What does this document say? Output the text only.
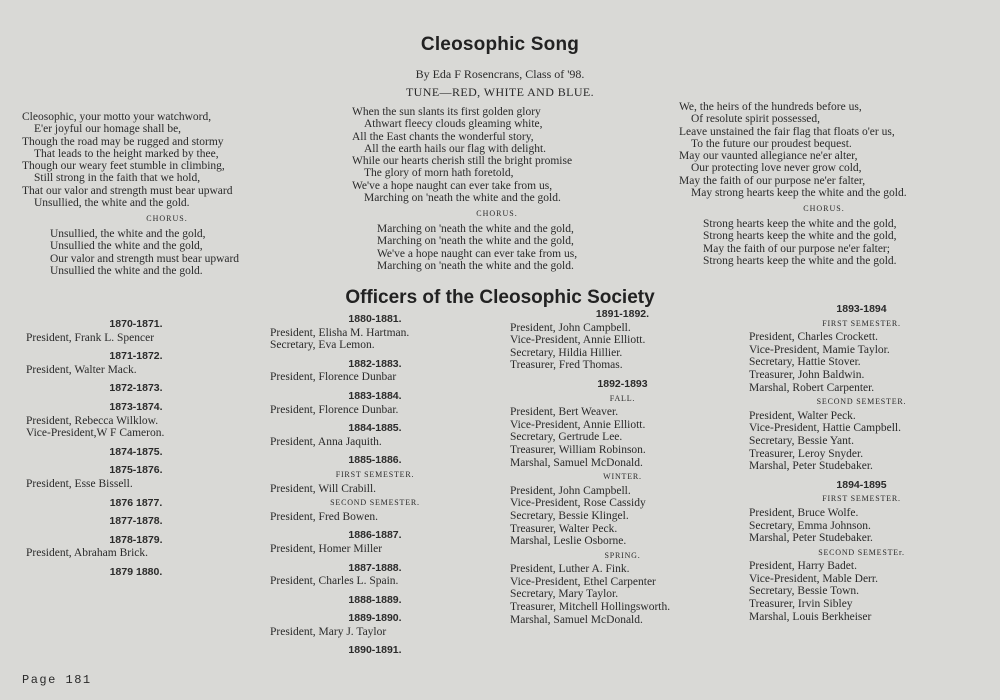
Cleosophic Song
By Eda F Rosencrans, Class of '98.
TUNE—RED, WHITE AND BLUE.
Cleosophic, your motto your watchword,
E'er joyful our homage shall be,
Though the road may be rugged and stormy
That leads to the height marked by thee,
Though our weary feet stumble in climbing,
Still strong in the faith that we hold,
That our valor and strength must bear upward
Unsullied, the white and the gold.
CHORUS.
Unsullied, the white and the gold,
Unsullied the white and the gold,
Our valor and strength must bear upward
Unsullied the white and the gold.
When the sun slants its first golden glory
Athwart fleecy clouds gleaming white,
All the East chants the wonderful story,
All the earth hails our flag with delight.
While our hearts cherish still the bright promise
The glory of morn hath foretold,
We've a hope naught can ever take from us,
Marching on 'neath the white and the gold.
CHORUS.
Marching on 'neath the white and the gold,
Marching on 'neath the white and the gold,
We've a hope naught can ever take from us,
Marching on 'neath the white and the gold.
We, the heirs of the hundreds before us,
Of resolute spirit possessed,
Leave unstained the fair flag that floats o'er us,
To the future our proudest bequest.
May our vaunted allegiance ne'er alter,
Our protecting love never grow cold,
May the faith of our purpose ne'er falter,
May strong hearts keep the white and the gold.
CHORUS.
Strong hearts keep the white and the gold,
Strong hearts keep the white and the gold,
May the faith of our purpose ne'er falter;
Strong hearts keep the white and the gold.
Officers of the Cleosophic Society
1870-1871.
President, Frank L. Spencer
1871-1872.
President, Walter Mack.
1872-1873.
1873-1874.
President, Rebecca Wilklow.
Vice-President,W F Cameron.
1874-1875.
1875-1876.
President, Esse Bissell.
1876 1877.
1877-1878.
1878-1879.
President, Abraham Brick.
1879 1880.
1880-1881.
President, Elisha M. Hartman.
Secretary, Eva Lemon.
1882-1883.
President, Florence Dunbar
1883-1884.
President, Florence Dunbar.
1884-1885.
President, Anna Jaquith.
1885-1886.
FIRST SEMESTER.
President, Will Crabill.
SECOND SEMESTER.
President, Fred Bowen.
1886-1887.
President, Homer Miller
1887-1888.
President, Charles L. Spain.
1888-1889.
1889-1890.
President, Mary J. Taylor
1890-1891.
1891-1892.
President, John Campbell.
Vice-President, Annie Elliott.
Secretary, Hildia Hillier.
Treasurer, Fred Thomas.
1892-1893
FALL.
President, Bert Weaver.
Vice-President, Annie Elliott.
Secretary, Gertrude Lee.
Treasurer, William Robinson.
Marshal, Samuel McDonald.
WINTER.
President, John Campbell.
Vice-President, Rose Cassidy
Secretary, Bessie Klingel.
Treasurer, Walter Peck.
Marshal, Leslie Osborne.
SPRING.
President, Luther A. Fink.
Vice-President, Ethel Carpenter
Secretary, Mary Taylor.
Treasurer, Mitchell Hollingsworth.
Marshal, Samuel McDonald.
1893-1894
FIRST SEMESTER.
President, Charles Crockett.
Vice-President, Mamie Taylor.
Secretary, Hattie Stover.
Treasurer, John Baldwin.
Marshal, Robert Carpenter.
SECOND SEMESTER.
President, Walter Peck.
Vice-President, Hattie Campbell.
Secretary, Bessie Yant.
Treasurer, Leroy Snyder.
Marshal, Peter Studebaker.
1894-1895
FIRST SEMESTER.
President, Bruce Wolfe.
Secretary, Emma Johnson.
Marshal, Peter Studebaker.
SECOND SEMESTEr.
President, Harry Badet.
Vice-President, Mable Derr.
Secretary, Bessie Town.
Treasurer, Irvin Sibley
Marshal, Louis Berkheiser
Page 181
